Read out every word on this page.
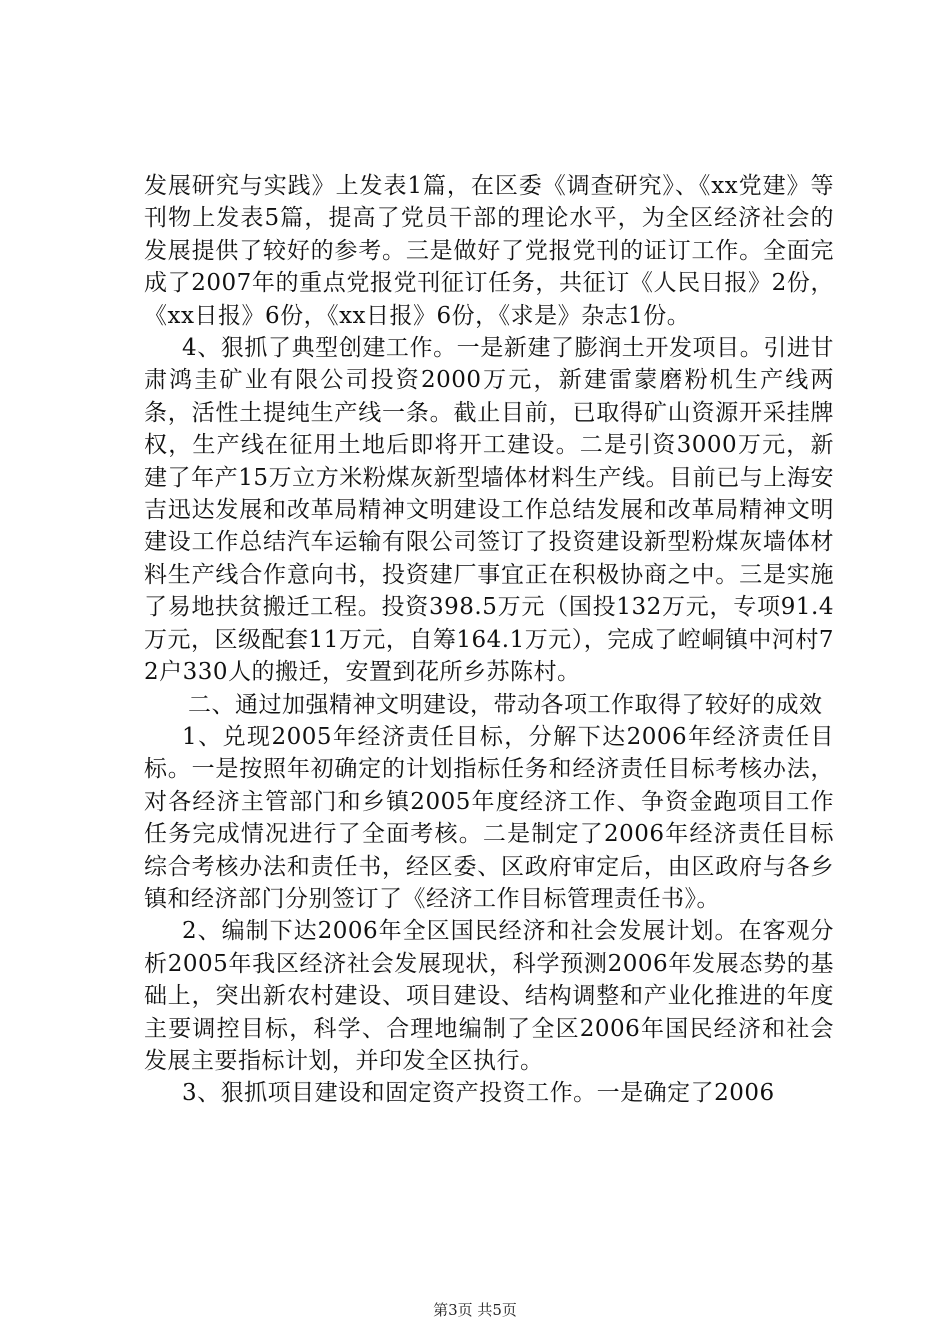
发展研究与实践》上发表1篇，在区委《调查研究》、《xx党建》等刊物上发表5篇，提高了党员干部的理论水平，为全区经济社会的发展提供了较好的参考。三是做好了党报党刊的证订工作。全面完成了2007年的重点党报党刊征订任务，共征订《人民日报》2份，《xx日报》6份，《xx日报》6份，《求是》杂志1份。

4、狠抓了典型创建工作。一是新建了膨润土开发项目。引进甘肃鸿圭矿业有限公司投资2000万元，新建雷蒙磨粉机生产线两条，活性土提纯生产线一条。截止目前，已取得矿山资源开采挂牌权，生产线在征用土地后即将开工建设。二是引资3000万元，新建了年产15万立方米粉煤灰新型墙体材料生产线。目前已与上海安吉迅达发展和改革局精神文明建设工作总结发展和改革局精神文明建设工作总结汽车运输有限公司签订了投资建设新型粉煤灰墙体材料生产线合作意向书，投资建厂事宜正在积极协商之中。三是实施了易地扶贫搬迁工程。投资398.5万元（国投132万元，专项91.4万元，区级配套11万元，自筹164.1万元），完成了崆峒镇中河村72户330人的搬迁，安置到花所乡苏陈村。

二、通过加强精神文明建设，带动各项工作取得了较好的成效

1、兑现2005年经济责任目标，分解下达2006年经济责任目标。一是按照年初确定的计划指标任务和经济责任目标考核办法，对各经济主管部门和乡镇2005年度经济工作、争资金跑项目工作任务完成情况进行了全面考核。二是制定了2006年经济责任目标综合考核办法和责任书，经区委、区政府审定后，由区政府与各乡镇和经济部门分别签订了《经济工作目标管理责任书》。

2、编制下达2006年全区国民经济和社会发展计划。在客观分析2005年我区经济社会发展现状，科学预测2006年发展态势的基础上，突出新农村建设、项目建设、结构调整和产业化推进的年度主要调控目标，科学、合理地编制了全区2006年国民经济和社会发展主要指标计划，并印发全区执行。

3、狠抓项目建设和固定资产投资工作。一是确定了2006

第3页 共5页
